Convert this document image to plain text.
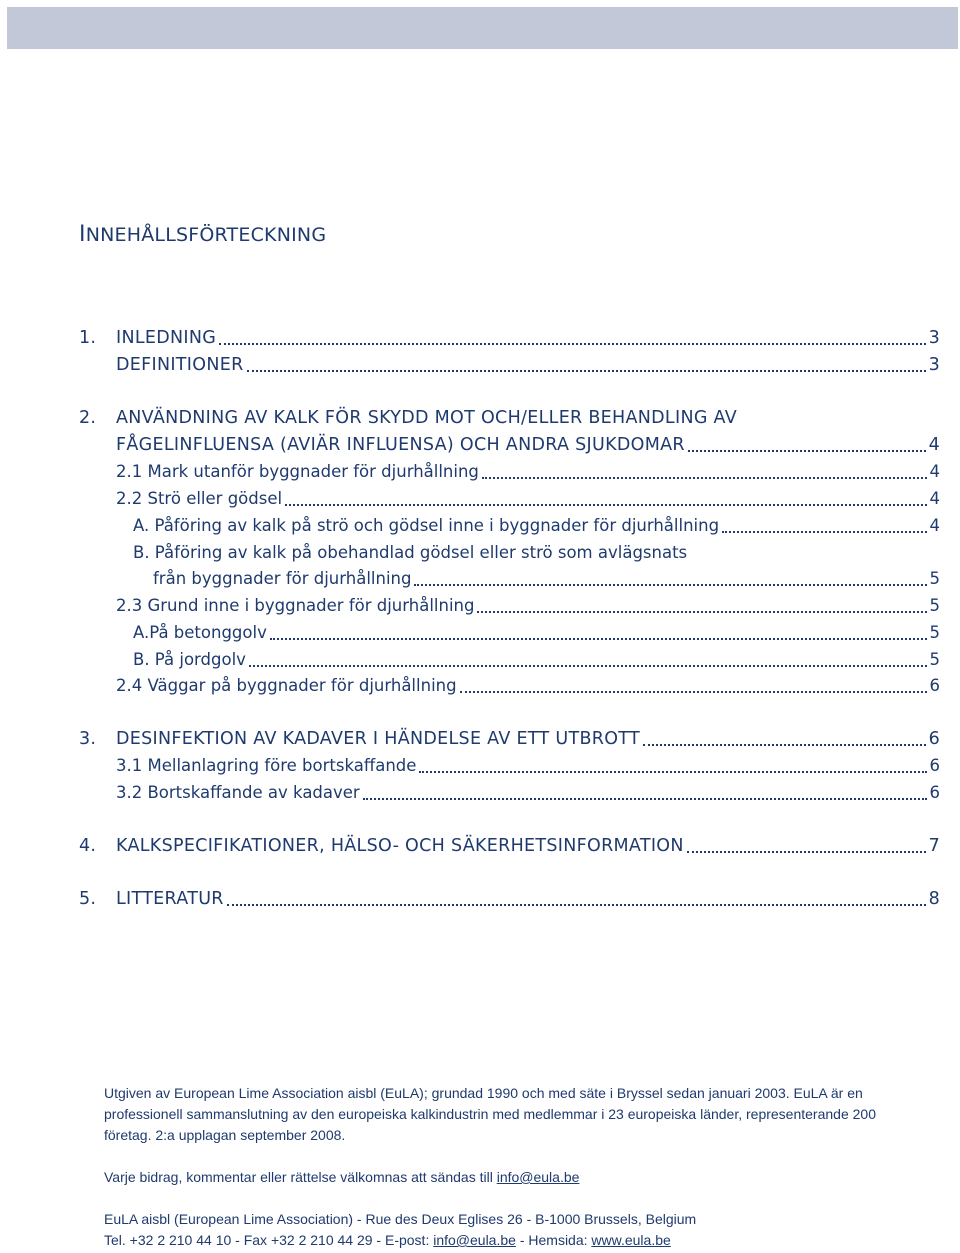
INNEHÅLLSFÖRTECKNING
1. INLEDNING	3
DEFINITIONER	3
2. ANVÄNDNING AV KALK FÖR SKYDD MOT OCH/ELLER BEHANDLING AV
FÅGELINFLUENSA (AVIÄR INFLUENSA) OCH ANDRA SJUKDOMAR	4
2.1 Mark utanför byggnader för djurhållning	4
2.2 Strö eller gödsel	4
A. Påföring av kalk på strö och gödsel inne i byggnader för djurhållning	4
B. Påföring av kalk på obehandlad gödsel eller strö som avlägsnats
från byggnader för djurhållning	5
2.3 Grund inne i byggnader för djurhållning	5
A.På betonggolv	5
B. På jordgolv	5
2.4 Väggar på byggnader för djurhållning	6
3. DESINFEKTION AV KADAVER I HÄNDELSE AV ETT UTBROTT	6
3.1 Mellanlagring före bortskaffande	6
3.2 Bortskaffande av kadaver	6
4. KALKSPECIFIKATIONER, HÄLSO- OCH SÄKERHETSINFORMATION	7
5. LITTERATUR	8

Utgiven av European Lime Association aisbl (EuLA); grundad 1990 och med säte i Bryssel sedan januari 2003. EuLA är en professionell sammanslutning av den europeiska kalkindustrin med medlemmar i 23 europeiska länder, representerande 200 företag. 2:a upplagan september 2008.

Varje bidrag, kommentar eller rättelse välkomnas att sändas till info@eula.be

EuLA aisbl (European Lime Association) - Rue des Deux Eglises 26 - B-1000 Brussels, Belgium

Tel. +32 2 210 44 10 - Fax +32 2 210 44 29 - E-post: info@eula.be - Hemsida: www.eula.be
